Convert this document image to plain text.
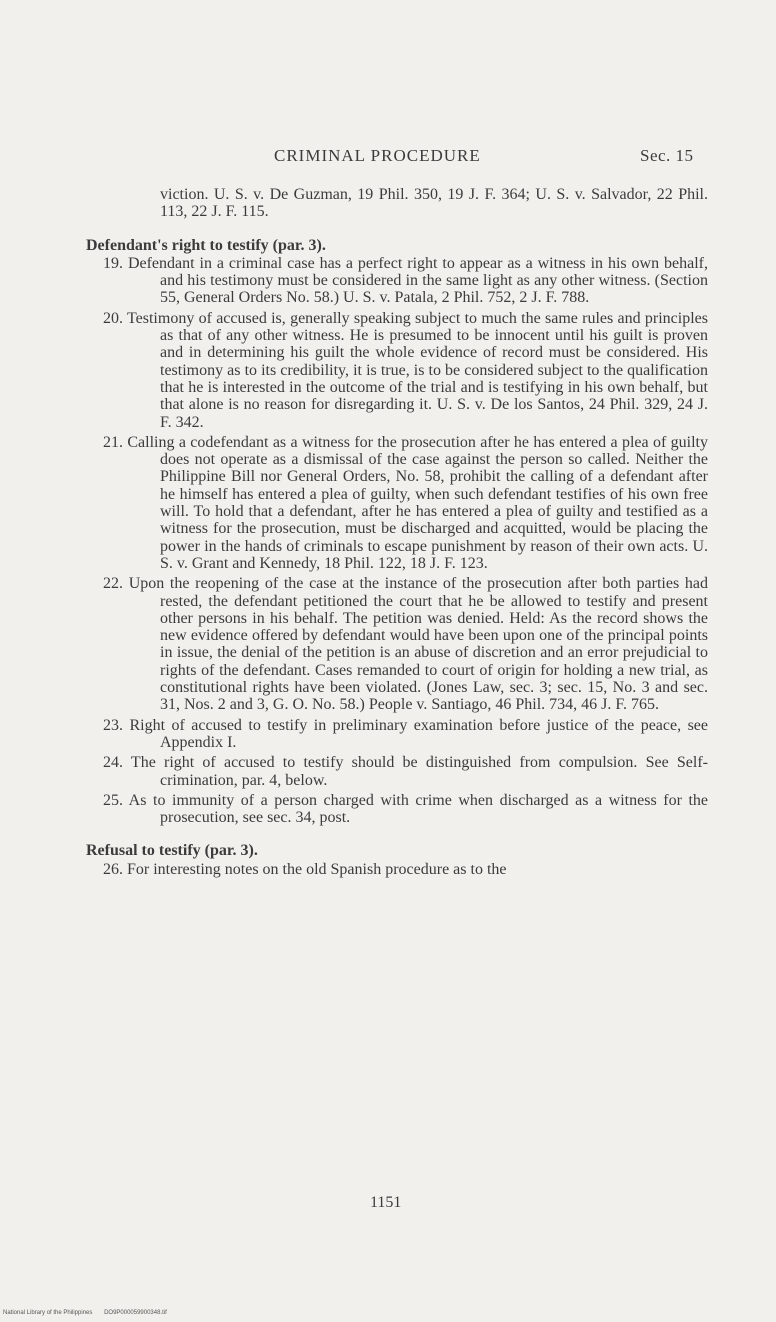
CRIMINAL PROCEDURE	Sec. 15

viction. U. S. v. De Guzman, 19 Phil. 350, 19 J. F. 364; U. S. v. Salvador, 22 Phil. 113, 22 J. F. 115.

Defendant's right to testify (par. 3).

19. Defendant in a criminal case has a perfect right to appear as a witness in his own behalf, and his testimony must be considered in the same light as any other witness. (Section 55, General Orders No. 58.) U. S. v. Patala, 2 Phil. 752, 2 J. F. 788.

20. Testimony of accused is, generally speaking subject to much the same rules and principles as that of any other witness. He is presumed to be innocent until his guilt is proven and in determining his guilt the whole evidence of record must be considered. His testimony as to its credibility, it is true, is to be considered subject to the qualification that he is interested in the outcome of the trial and is testifying in his own behalf, but that alone is no reason for disregarding it. U. S. v. De los Santos, 24 Phil. 329, 24 J. F. 342.

21. Calling a codefendant as a witness for the prosecution after he has entered a plea of guilty does not operate as a dismissal of the case against the person so called. Neither the Philippine Bill nor General Orders, No. 58, prohibit the calling of a defendant after he himself has entered a plea of guilty, when such defendant testifies of his own free will. To hold that a defendant, after he has entered a plea of guilty and testified as a witness for the prosecution, must be discharged and acquitted, would be placing the power in the hands of criminals to escape punishment by reason of their own acts. U. S. v. Grant and Kennedy, 18 Phil. 122, 18 J. F. 123.

22. Upon the reopening of the case at the instance of the prosecution after both parties had rested, the defendant petitioned the court that he be allowed to testify and present other persons in his behalf. The petition was denied. Held: As the record shows the new evidence offered by defendant would have been upon one of the principal points in issue, the denial of the petition is an abuse of discretion and an error prejudicial to rights of the defendant. Cases remanded to court of origin for holding a new trial, as constitutional rights have been violated. (Jones Law, sec. 3; sec. 15, No. 3 and sec. 31, Nos. 2 and 3, G. O. No. 58.) People v. Santiago, 46 Phil. 734, 46 J. F. 765.

23. Right of accused to testify in preliminary examination before justice of the peace, see Appendix I.

24. The right of accused to testify should be distinguished from compulsion. See Self-crimination, par. 4, below.

25. As to immunity of a person charged with crime when discharged as a witness for the prosecution, see sec. 34, post.

Refusal to testify (par. 3).

26. For interesting notes on the old Spanish procedure as to the

1151
National Library of the Philippines DO9P000059900348.tif
